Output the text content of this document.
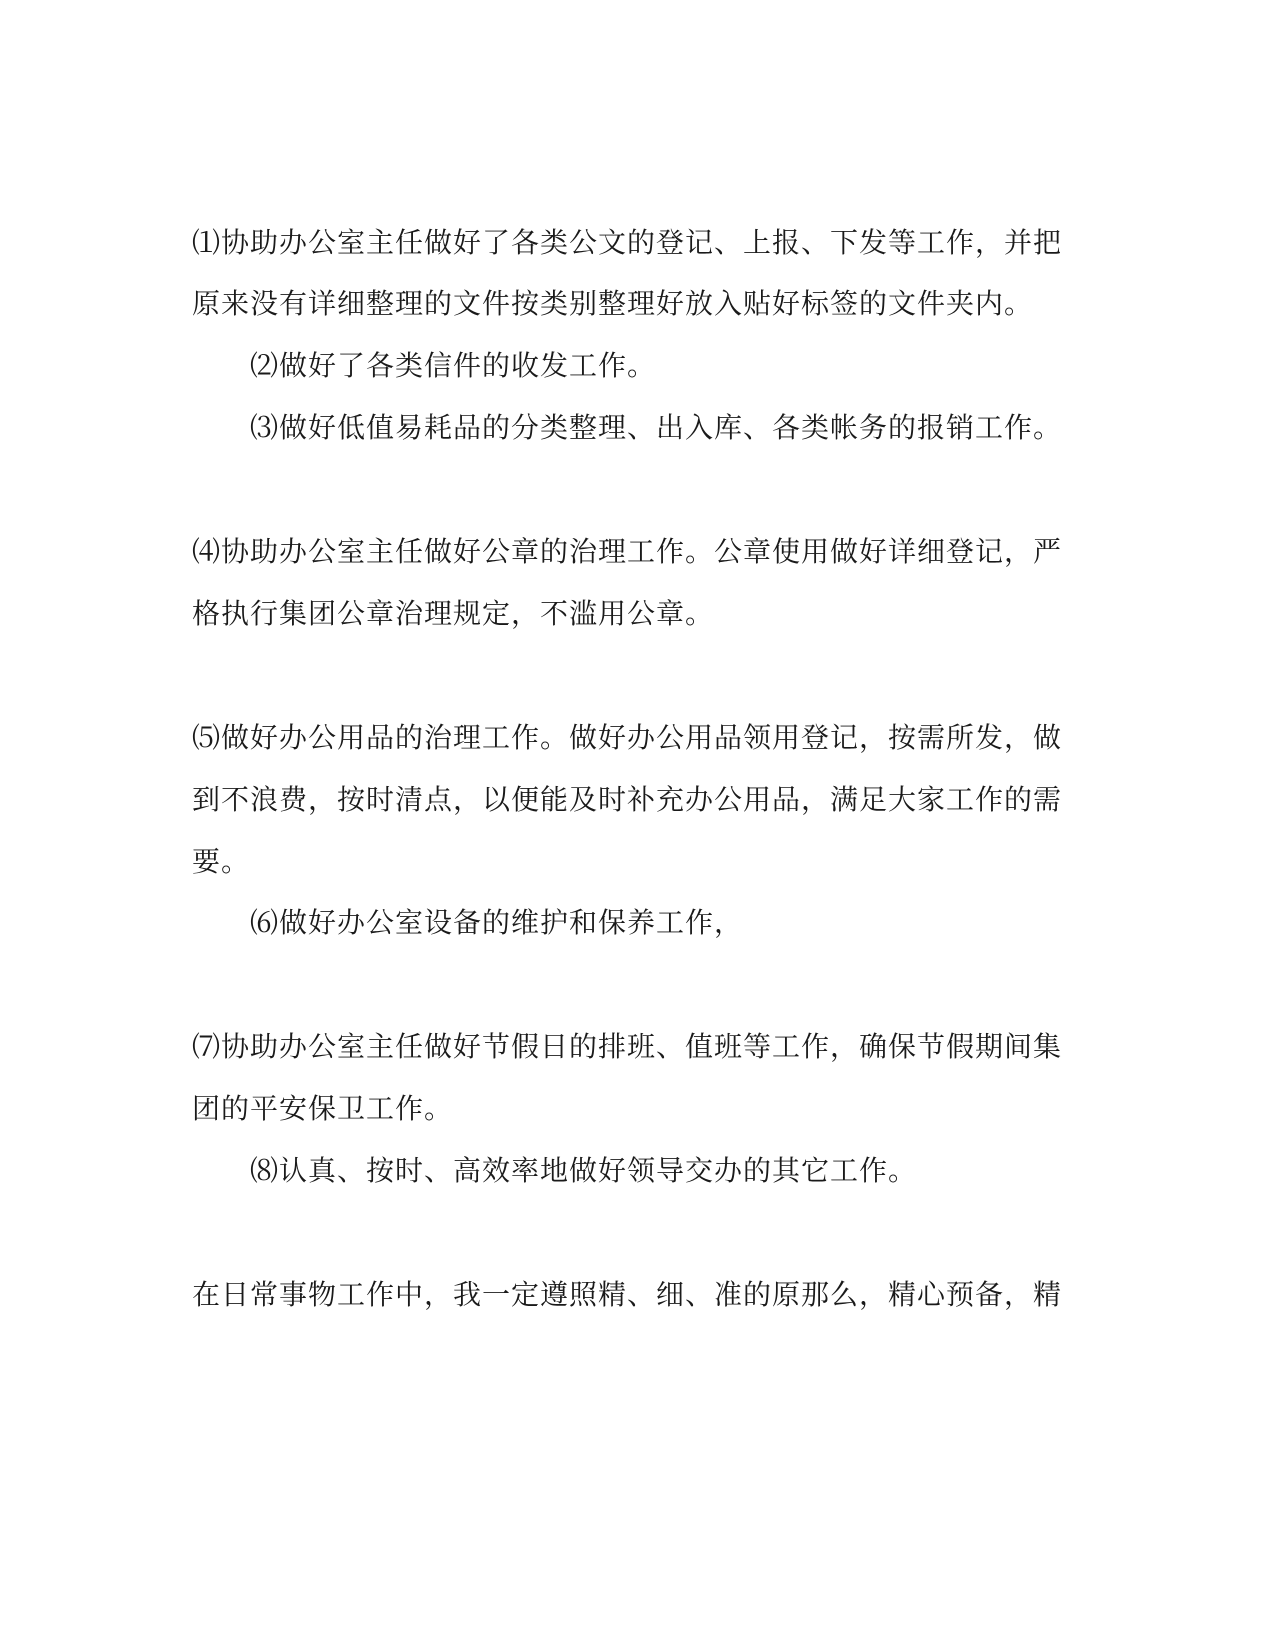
⑴协助办公室主任做好了各类公文的登记、上报、下发等工作，并把
原来没有详细整理的文件按类别整理好放入贴好标签的文件夹内。
⑵做好了各类信件的收发工作。
⑶做好低值易耗品的分类整理、出入库、各类帐务的报销工作。
⑷协助办公室主任做好公章的治理工作。公章使用做好详细登记，严
格执行集团公章治理规定，不滥用公章。
⑸做好办公用品的治理工作。做好办公用品领用登记，按需所发，做
到不浪费，按时清点，以便能及时补充办公用品，满足大家工作的需
要。
⑹做好办公室设备的维护和保养工作，
⑺协助办公室主任做好节假日的排班、值班等工作，确保节假期间集
团的平安保卫工作。
⑻认真、按时、高效率地做好领导交办的其它工作。
在日常事物工作中，我一定遵照精、细、准的原那么，精心预备，精
